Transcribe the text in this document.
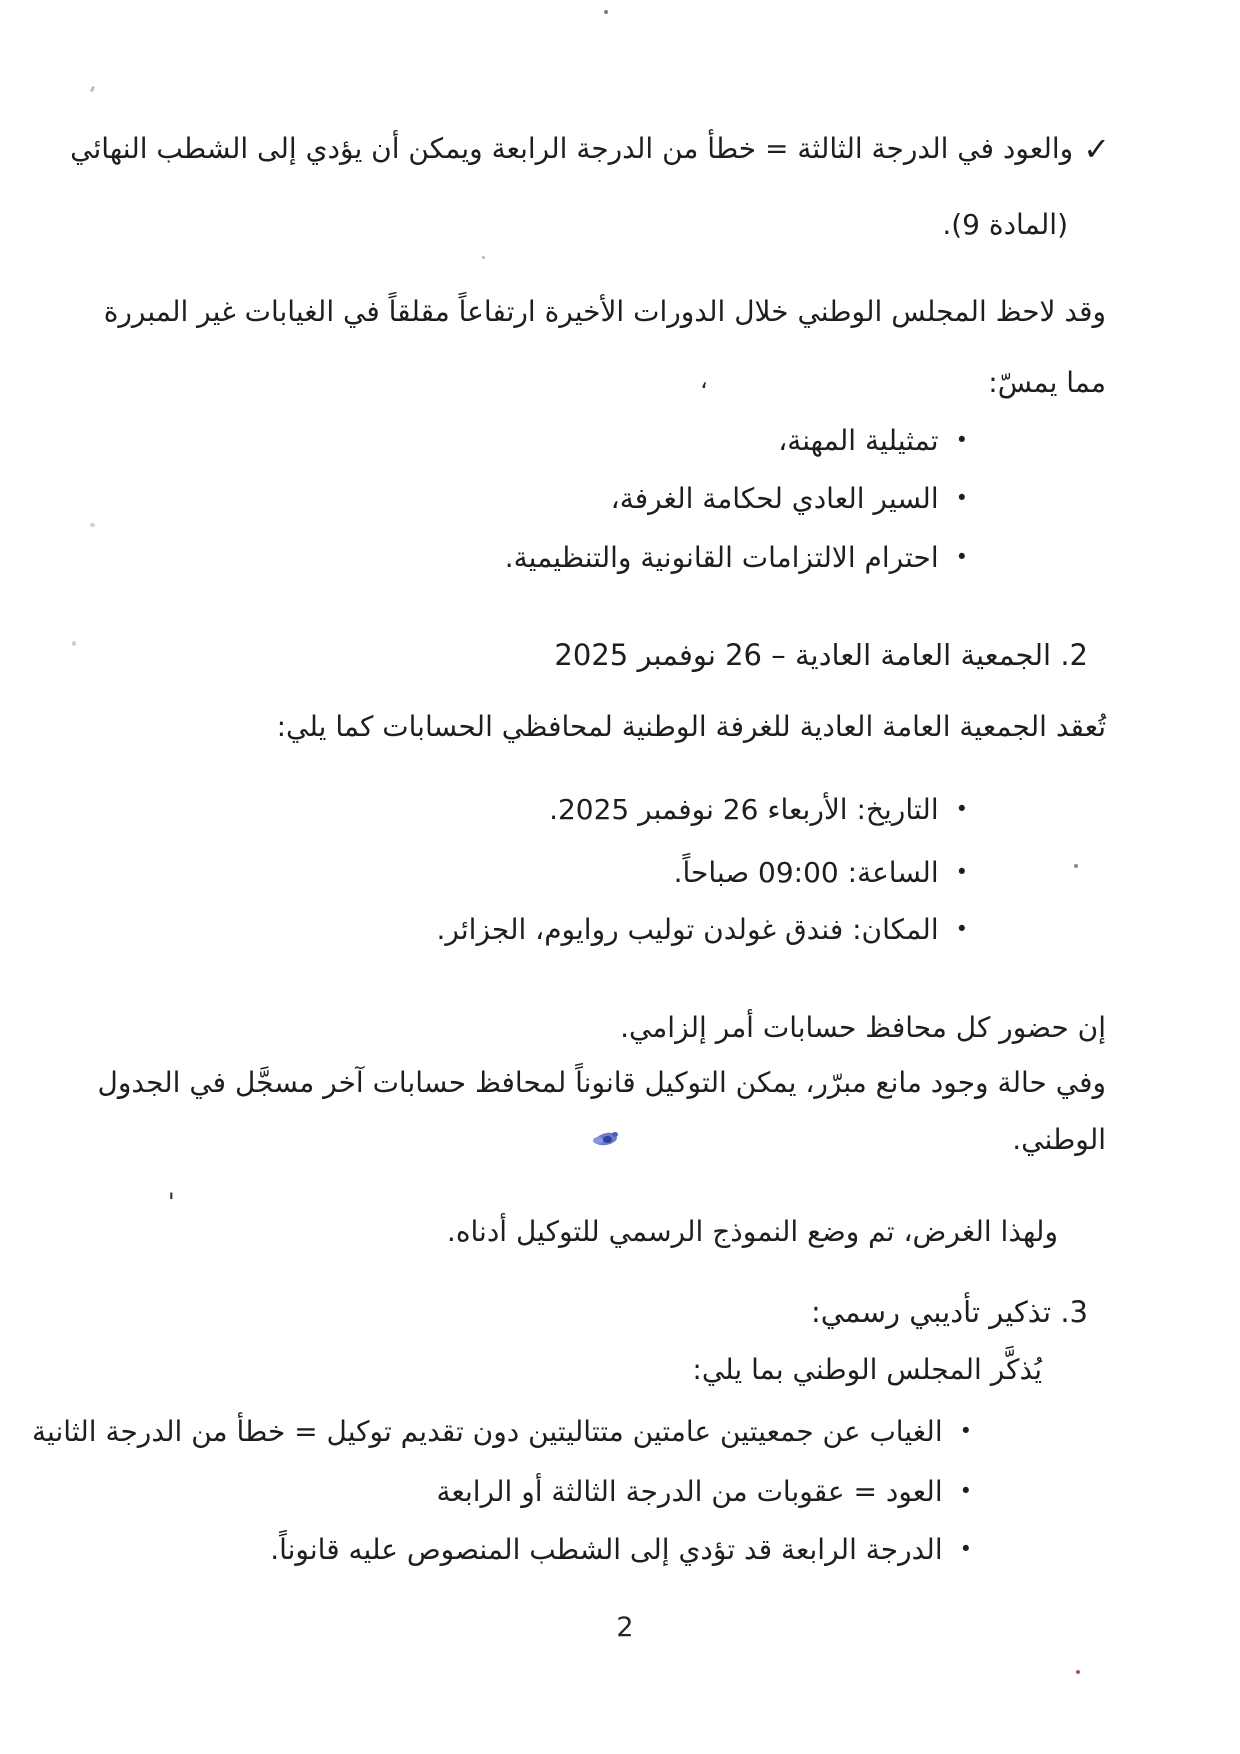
✓والعود في الدرجة الثالثة = خطأ من الدرجة الرابعة ويمكن أن يؤدي إلى الشطب النهائي
(المادة 9).
وقد لاحظ المجلس الوطني خلال الدورات الأخيرة ارتفاعاً مقلقاً في الغيابات غير المبررة
مما يمسّ:
•تمثيلية المهنة،
•السير العادي لحكامة الغرفة،
•احترام الالتزامات القانونية والتنظيمية.
2. الجمعية العامة العادية – 26 نوفمبر 2025
تُعقد الجمعية العامة العادية للغرفة الوطنية لمحافظي الحسابات كما يلي:
•التاريخ: الأربعاء 26 نوفمبر 2025.
•الساعة: 09:00 صباحاً.
•المكان: فندق غولدن توليب روايوم، الجزائر.
إن حضور كل محافظ حسابات أمر إلزامي.
وفي حالة وجود مانع مبرّر، يمكن التوكيل قانوناً لمحافظ حسابات آخر مسجَّل في الجدول
الوطني.
ولهذا الغرض، تم وضع النموذج الرسمي للتوكيل أدناه.
3. تذكير تأديبي رسمي:
يُذكَّر المجلس الوطني بما يلي:
•الغياب عن جمعيتين عامتين متتاليتين دون تقديم توكيل = خطأ من الدرجة الثانية
•العود = عقوبات من الدرجة الثالثة أو الرابعة
•الدرجة الرابعة قد تؤدي إلى الشطب المنصوص عليه قانوناً.
2
،
'
